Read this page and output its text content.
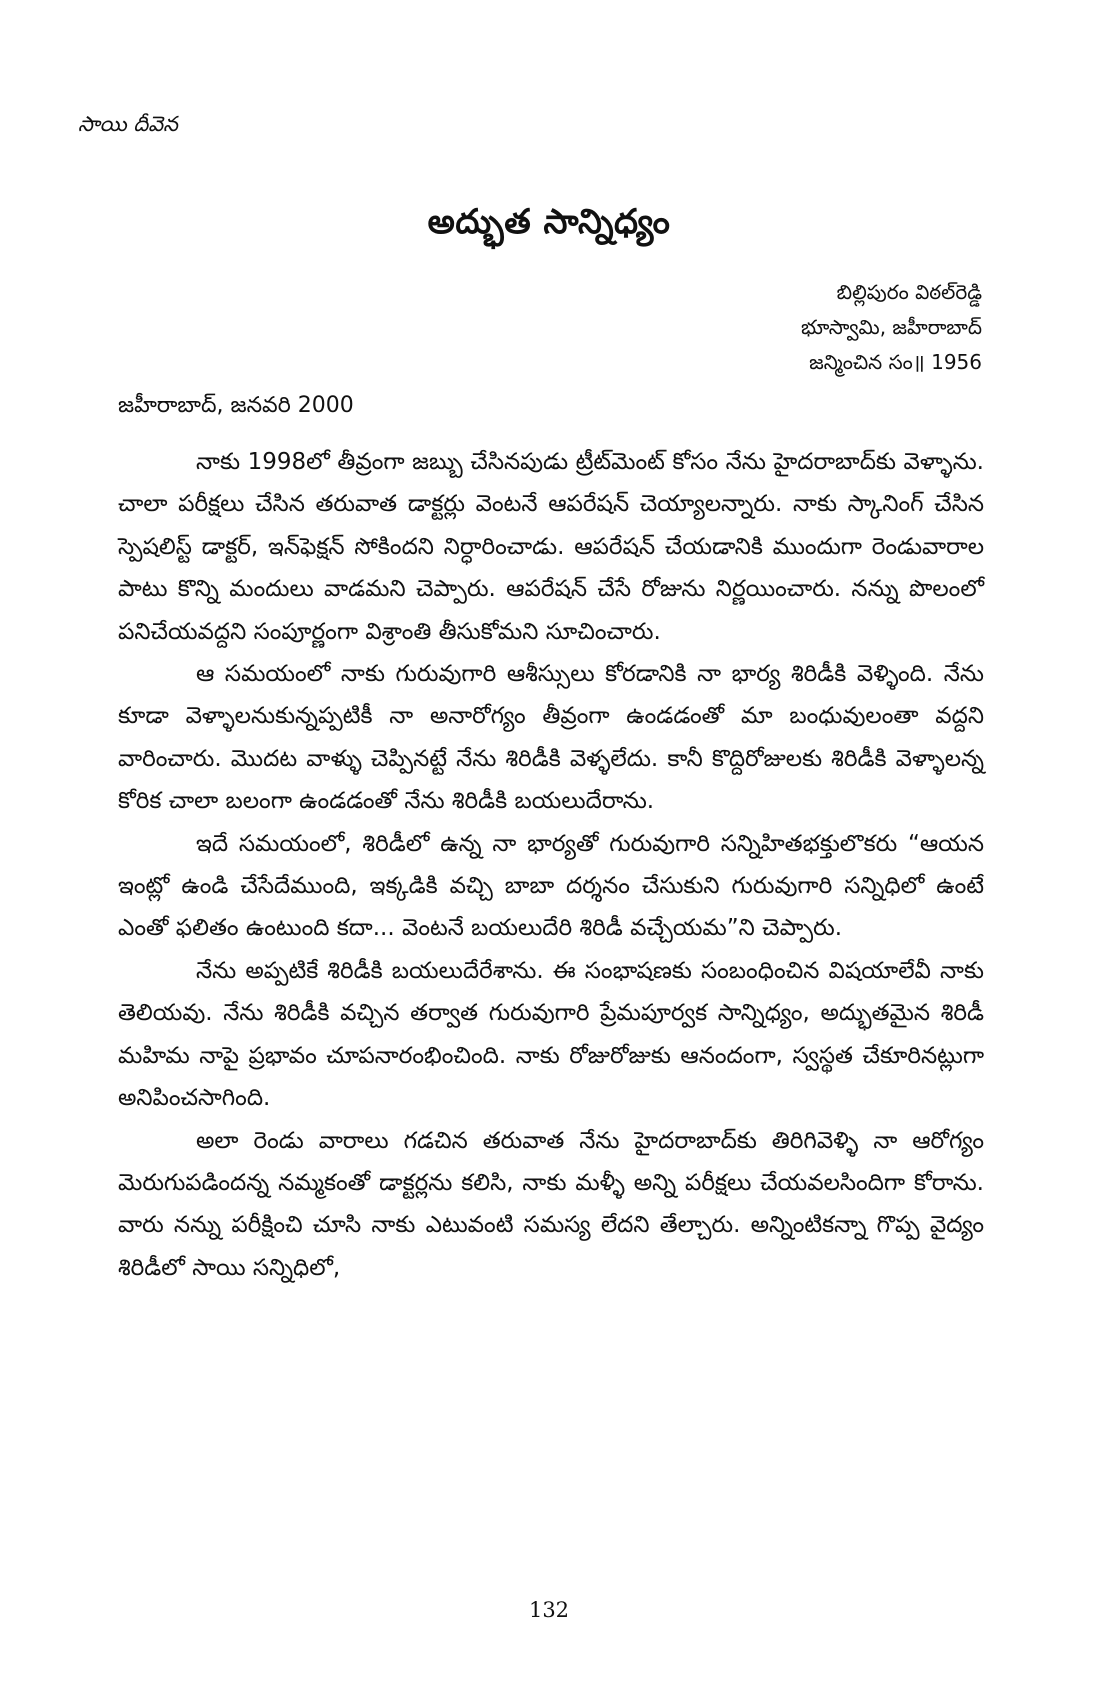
సాయి దీవెన
అద్భుత సాన్నిధ్యం
బిల్లిపురం విఠల్‌రెడ్డి
భూస్వామి, జహీరాబాద్
జన్మించిన సం॥ 1956
జహీరాబాద్, జనవరి 2000

నాకు 1998లో తీవ్రంగా జబ్బు చేసినపుడు ట్రీట్‌మెంట్ కోసం నేను హైదరాబాద్‌కు వెళ్ళాను. చాలా పరీక్షలు చేసిన తరువాత డాక్టర్లు వెంటనే ఆపరేషన్ చెయ్యాలన్నారు. నాకు స్కానింగ్ చేసిన స్పెషలిస్ట్ డాక్టర్, ఇన్‌ఫెక్షన్ సోకిందని నిర్ధారించాడు. ఆపరేషన్ చేయడానికి ముందుగా రెండువారాల పాటు కొన్ని మందులు వాడమని చెప్పారు. ఆపరేషన్ చేసే రోజును నిర్ణయించారు. నన్ను పొలంలో పనిచేయవద్దని సంపూర్ణంగా విశ్రాంతి తీసుకోమని సూచించారు.

ఆ సమయంలో నాకు గురువుగారి ఆశీస్సులు కోరడానికి నా భార్య శిరిడీకి వెళ్ళింది. నేను కూడా వెళ్ళాలనుకున్నప్పటికీ నా అనారోగ్యం తీవ్రంగా ఉండడంతో మా బంధువులంతా వద్దని వారించారు. మొదట వాళ్ళు చెప్పినట్టే నేను శిరిడీకి వెళ్ళలేదు. కానీ కొద్దిరోజులకు శిరిడీకి వెళ్ళాలన్న కోరిక చాలా బలంగా ఉండడంతో నేను శిరిడీకి బయలుదేరాను.

ఇదే సమయంలో, శిరిడీలో ఉన్న నా భార్యతో గురువుగారి సన్నిహితభక్తులొకరు “ఆయన ఇంట్లో ఉండి చేసేదేముంది, ఇక్కడికి వచ్చి బాబా దర్శనం చేసుకుని గురువుగారి సన్నిధిలో ఉంటే ఎంతో ఫలితం ఉంటుంది కదా... వెంటనే బయలుదేరి శిరిడీ వచ్చేయమ”ని చెప్పారు.

నేను అప్పటికే శిరిడీకి బయలుదేరేశాను. ఈ సంభాషణకు సంబంధించిన విషయాలేవీ నాకు తెలియవు. నేను శిరిడీకి వచ్చిన తర్వాత గురువుగారి ప్రేమపూర్వక సాన్నిధ్యం, అద్భుతమైన శిరిడీ మహిమ నాపై ప్రభావం చూపనారంభించింది. నాకు రోజురోజుకు ఆనందంగా, స్వస్థత చేకూరినట్లుగా అనిపించసాగింది.

అలా రెండు వారాలు గడచిన తరువాత నేను హైదరాబాద్‌కు తిరిగివెళ్ళి నా ఆరోగ్యం మెరుగుపడిందన్న నమ్మకంతో డాక్టర్లను కలిసి, నాకు మళ్ళీ అన్ని పరీక్షలు చేయవలసిందిగా కోరాను. వారు నన్ను పరీక్షించి చూసి నాకు ఎటువంటి సమస్య లేదని తేల్చారు. అన్నింటికన్నా గొప్ప వైద్యం శిరిడీలో సాయి సన్నిధిలో,

132
